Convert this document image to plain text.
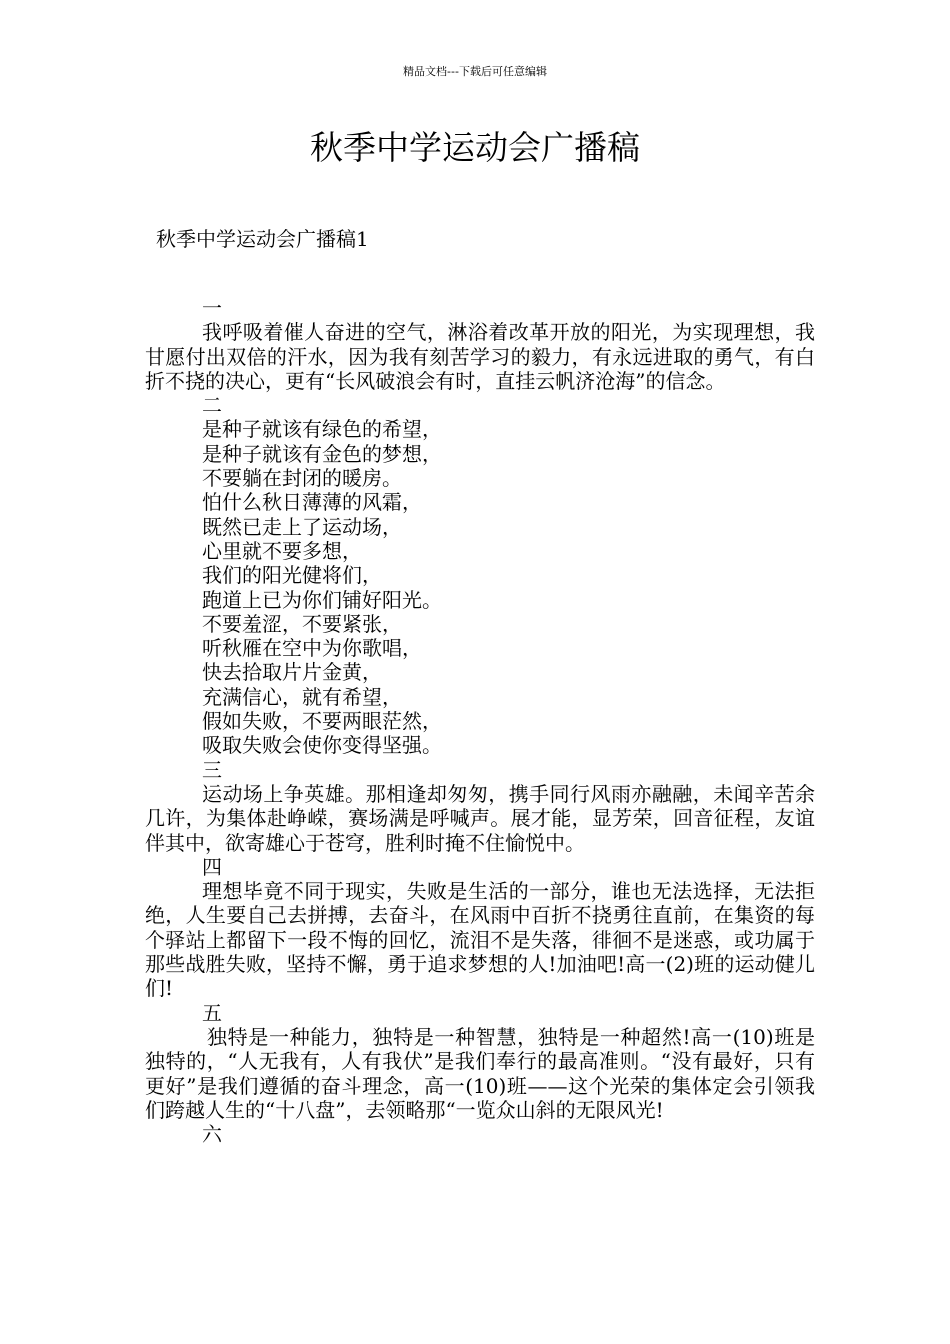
精品文档---下载后可任意编辑
秋季中学运动会广播稿
秋季中学运动会广播稿1
一
我呼吸着催人奋进的空气，淋浴着改革开放的阳光，为实现理想，我甘愿付出双倍的汗水，因为我有刻苦学习的毅力，有永远进取的勇气，有白折不挠的决心，更有“长风破浪会有时，直挂云帆济沧海”的信念。
二
是种子就该有绿色的希望，
是种子就该有金色的梦想，
不要躺在封闭的暖房。
怕什么秋日薄薄的风霜，
既然已走上了运动场，
心里就不要多想，
我们的阳光健将们，
跑道上已为你们铺好阳光。
不要羞涩，不要紧张，
听秋雁在空中为你歌唱，
快去拾取片片金黄，
充满信心，就有希望，
假如失败，不要两眼茫然，
吸取失败会使你变得坚强。
三
运动场上争英雄。那相逢却匆匆，携手同行风雨亦融融，未闻辛苦余几许，为集体赴峥嵘，赛场满是呼喊声。展才能，显芳荣，回音征程，友谊伴其中，欲寄雄心于苍穹，胜利时掩不住愉悦中。
四
理想毕竟不同于现实，失败是生活的一部分，谁也无法选择，无法拒绝，人生要自己去拼搏，去奋斗，在风雨中百折不挠勇往直前，在集资的每个驿站上都留下一段不悔的回忆，流泪不是失落，徘徊不是迷惑，或功属于那些战胜失败，坚持不懈，勇于追求梦想的人!加油吧!高一(2)班的运动健儿们!
五
独特是一种能力，独特是一种智慧，独特是一种超然!高一(10)班是独特的，“人无我有，人有我伏”是我们奉行的最高准则。“没有最好，只有更好”是我们遵循的奋斗理念，高一(10)班——这个光荣的集体定会引领我们跨越人生的“十八盘”，去领略那“一览众山斜的无限风光!
六
